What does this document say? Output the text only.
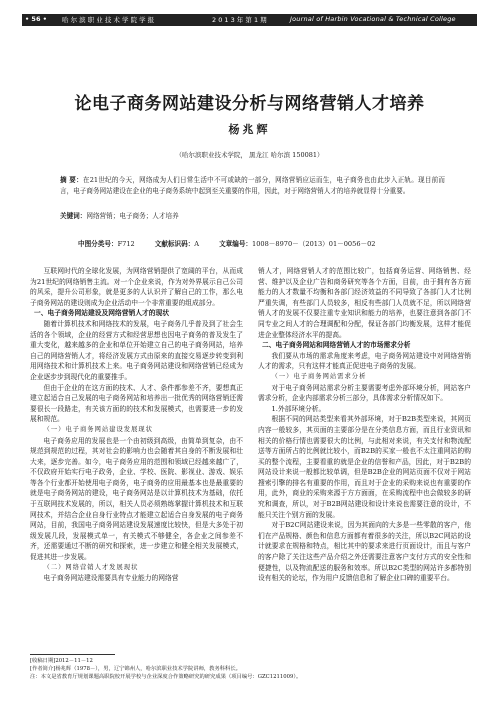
• 56 • 哈 尔 滨 职 业 技 术 学 院 学 报	2 0 1 3 年 第 1 期	Journal of Harbin Vocational & Technical College
论电子商务网站建设分析与网络营销人才培养
杨兆辉
（哈尔滨职业技术学院， 黑龙江 哈尔滨 150081）
摘 要：在21世纪的今天，网络成为人们日常生活中不可或缺的一部分，网络营销应运而生，电子商务也由此步入正轨。现目前而言，电子商务网站建设在企业的电子商务系统中起到至关重要的作用，因此，对于网络营销人才的培养就显得十分重要。
关键词：网络营销；电子商务；人才培养
中图分类号：F712	文献标识码：A	文章编号：1008－8970－（2013）01－0056－02

互联网时代的全球化发展，为网络营销提供了宽阔的平台，从而成为21世纪的网络销售主流。对一个企业来说，作为对外界展示自己公司的风采，提升公司形象，就是更多的人认识并了解自己的工作，那么电子商务网站的建设则成为企业活动中一个非常重要的组成部分。

一、电子商务网站建设及网络营销人才的现状

随着计算机技术和网络技术的发展，电子商务几乎普及到了社会生活的各个领域，企业的经营方式和经营思想也因电子商务的普及发生了重大变化，越来越多的企业和单位开始建立自己的电子商务网站，培养自己的网络营销人才，将经济发展方式由原来的直接交易逐步转变到利用网络技术和计算机技术上来。电子商务网站建设和网络营销已经成为企业逐步步到现代化的重要推手。

但由于企业的在这方面的技术、人才、条件都参差不齐，要想真正建立起适合自己发展的电子商务网站和培养出一批优秀的网络营销还需要很长一段路走，有关该方面的的技术和发展模式，也需要进一步的发展和规范。

（一）电子商务网站建设发展现状

电子商务应用的发展也是一个由初级到高级，由简单到复杂，由不规范到规范的过程，其对社会的影响力也会随着其自身的不断发展和壮大来，逐步完善。如今，电子商务应用的范围和领域已经越来越广了，不仅政府开始实行电子政务，企业、学校、医院、影视业、游戏、娱乐等各个行业都开始使用电子商务，电子商务的应用最基本也是最重要的就是电子商务网站的建设，电子商务网站是以计算机技术为基础，依托于互联网技术发展的，所以，相关人员必须熟练掌握计算机技术和互联网技术，并结合企业自身行业特点才能建立起适合自身发展的电子商务网站，目前，我国电子商务网站建设发展速度比较快，但是大多处于初级发展几段，发展模式单一，有关模式不够健全，各企业之间参差不齐，还需要通过不断的研究和探索，进一步建立和健全相关发展模式，促进其进一步发展。

（二）网络营销人才发展现状

电子商务网站建设需要具有专业能力的网络营

销人才，网络营销人才的范围比较广，包括商务运营、网络销售、经营、维护以及企业广告和商务研究等各个方面，目前，由于拥有各方面能力的人才数量不均衡和各部门经济效益的不同导致了各部门人才比例严重失调，有些部门人员较多，相反有些部门人员就不足，所以网络营销人才的发展不仅要注重专业知识和能力的培养，也要注意到各部门不同专业之间人才的合理调配和分配，保证各部门均衡发展，这样才能促进企业整体经济水平的提高。

二、电子商务网站和网络营销人才的市场需求分析

我们要从市场的需求角度来考虑，电子商务网站建设中对网络营销人才的需求，只有这样才能真正促进电子商务的发展。

（一）电子商务网站需求分析

对于电子商务网站需求分析主要需要考虑外部环境分析，网站客户需求分析，企业内部需求分析三部分，具体需求分析情况如下。

1.外部环境分析。

根据不同的网站类型来看其外部环境，对于B2B类型来说，其网页内容一般较多，其页面的主要部分是在分类信息方面，而且行业资讯和相关的价格行情也需要很大的比例，与此相对来说，有关支付和物流配送等方面所占的比例就比较小，而B2B的买家一般也不太注重网站的购买的整个流程，主要看重的就是企业的信誉和产品，因此，对于B2B的网站设计来说一般都比较单调，但是B2B企业的网站页面不仅对于网站搜索引擎的排名有重要的作用，而且对于企业的采购来说也有重要的作用，此外，商业的采购来源于方方面面，在采购流程中也会做较多的研究和调查，所以，对于B2B网站建设和设计来说也需要注意的设计，不能只关注个别方面的发展。

对于B2C网站建设来说，因为其面向的大多是一些零散的客户，他们在产品规格、颜色和信息方面都有着很多的关注，所以B2C网站的设计就要求在规格和特点，相比其中的要求来进行页面设计，而且与客户的客户除了关注这些产品介绍之外还需要注意客户支付方式的安全性和便捷性，以及物流配送的服务和效率。所以B2C类型的网站许多都特别设有相关的论坛，作为用户反馈信息和了解企业口碑的重要平台。

[收稿日期]2012－11－12
[作者简介]杨兆辉（1978－），男，辽宁锦州人，哈尔滨职业技术学院讲师，教务科科长。
注：本文是省教育厅规划课题高职院校开展学校与企业深度合作策略研究的研究成果（项目编号：GZC1211009）。
